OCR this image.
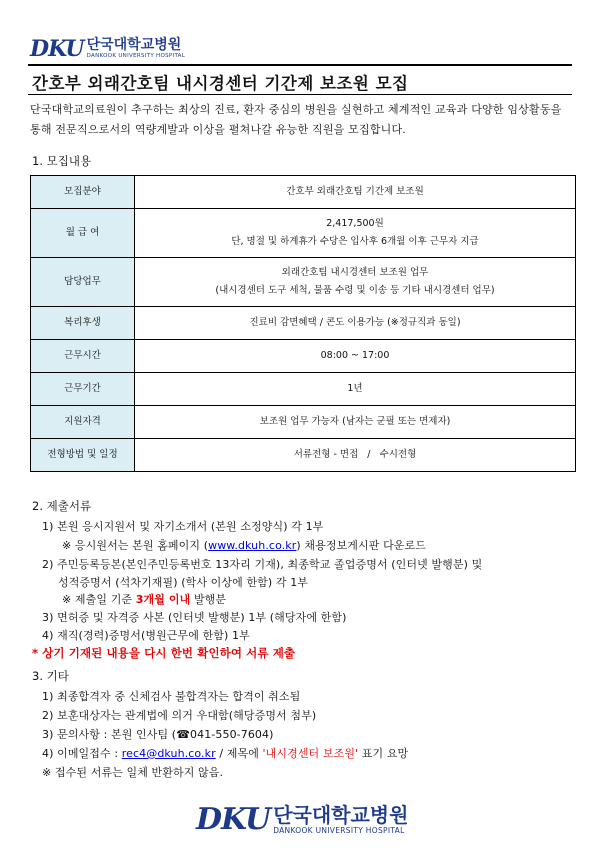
DKU 단국대학교병원
DANKOOK UNIVERSITY HOSPITAL
간호부 외래간호팀 내시경센터 기간제 보조원 모집
단국대학교의료원이 추구하는 최상의 진료, 환자 중심의 병원을 실현하고 체계적인 교육과 다양한 임상활동을 통해 전문직으로서의 역량계발과 이상을 펼쳐나갈 유능한 직원을 모집합니다.
1. 모집내용
모집분야	간호부 외래간호팀 기간제 보조원

월 급 여	2,417,500원
단, 명절 및 하계휴가 수당은 입사후 6개월 이후 근무자 지급

담당업무	외래간호팀 내시경센터 보조원 업무
(내시경센터 도구 세척, 물품 수령 및 이송 등 기타 내시경센터 업무)

복리후생	진료비 감면혜택 / 콘도 이용가능 (※정규직과 동일)
근무시간	08:00 ~ 17:00
근무기간	1년
지원자격	보조원 업무 가능자 (남자는 군필 또는 면제자)
전형방법 및 일정	서류전형 - 면접   /   수시전형
2. 제출서류
1) 본원 응시지원서 및 자기소개서 (본원 소정양식) 각 1부
※ 응시원서는 본원 홈페이지 (www.dkuh.co.kr) 채용정보게시판 다운로드
2) 주민등록등본(본인주민등록번호 13자리 기재), 최종학교 졸업증명서 (인터넷 발행분) 및
성적증명서 (석차기재필) (학사 이상에 한함) 각 1부
※ 제출일 기준 3개월 이내 발행분
3) 면허증 및 자격증 사본 (인터넷 발행분) 1부 (해당자에 한함)
4) 재직(경력)증명서(병원근무에 한함) 1부
* 상기 기재된 내용을 다시 한번 확인하여 서류 제출
3. 기타
1) 최종합격자 중 신체검사 불합격자는 합격이 취소됨
2) 보훈대상자는 관계법에 의거 우대함(해당증명서 첨부)
3) 문의사항 : 본원 인사팀 (☎041-550-7604)
4) 이메일접수 : rec4@dkuh.co.kr / 제목에 '내시경센터 보조원' 표기 요망
※ 접수된 서류는 일체 반환하지 않음.
DKU 단국대학교병원
DANKOOK UNIVERSITY HOSPITAL
